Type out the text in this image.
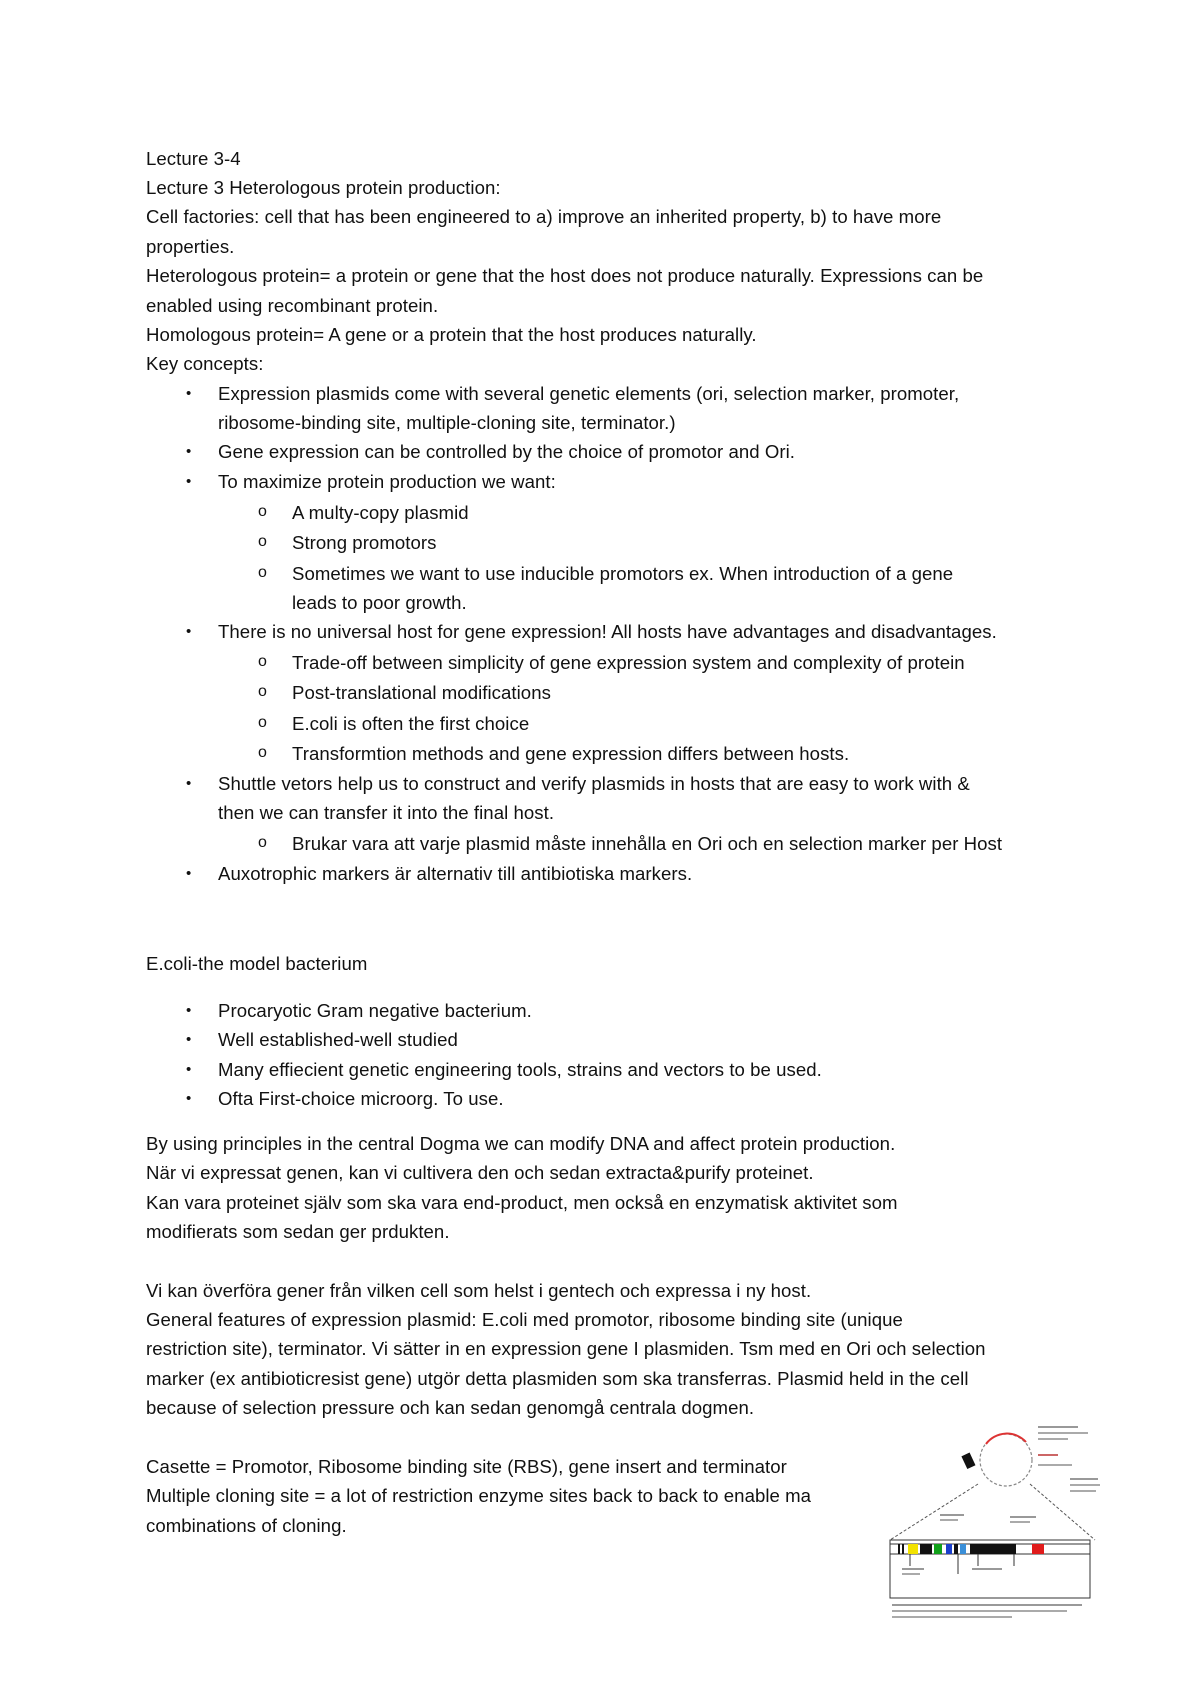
Lecture 3-4
Lecture 3 Heterologous protein production:
Cell factories: cell that has been engineered to a) improve an inherited property, b) to have more
properties.
Heterologous protein= a protein or gene that the host does not produce naturally. Expressions can be
enabled using recombinant protein.
Homologous protein= A gene or a protein that the host produces naturally.
Key concepts:
• Expression plasmids come with several genetic elements (ori, selection marker, promoter,
ribosome-binding site, multiple-cloning site, terminator.)
• Gene expression can be controlled by the choice of promotor and Ori.
• To maximize protein production we want:
o A multy-copy plasmid
o Strong promotors
o Sometimes we want to use inducible promotors ex. When introduction of a gene
leads to poor growth.
• There is no universal host for gene expression! All hosts have advantages and disadvantages.
o Trade-off between simplicity of gene expression system and complexity of protein
o Post-translational modifications
o E.coli is often the first choice
o Transformtion methods and gene expression differs between hosts.
• Shuttle vetors help us to construct and verify plasmids in hosts that are easy to work with &
then we can transfer it into the final host.
o Brukar vara att varje plasmid måste innehålla en Ori och en selection marker per Host
• Auxotrophic markers är alternativ till antibiotiska markers.
E.coli-the model bacterium
• Procaryotic Gram negative bacterium.
• Well established-well studied
• Many effiecient genetic engineering tools, strains and vectors to be used.
• Ofta First-choice microorg. To use.
By using principles in the central Dogma we can modify DNA and affect protein production.
När vi expressat genen, kan vi cultivera den och sedan extracta&purify proteinet.
Kan vara proteinet själv som ska vara end-product, men också en enzymatisk aktivitet som
modifierats som sedan ger prdukten.
Vi kan överföra gener från vilken cell som helst i gentech och expressa i ny host.
General features of expression plasmid: E.coli med promotor, ribosome binding site (unique
restriction site), terminator. Vi sätter in en expression gene I plasmiden. Tsm med en Ori och selection
marker (ex antibioticresist gene) utgör detta plasmiden som ska transferras. Plasmid held in the cell
because of selection pressure och kan sedan genomgå centrala dogmen.
Casette = Promotor, Ribosome binding site (RBS), gene insert and terminator
Multiple cloning site = a lot of restriction enzyme sites back to back to enable ma
combinations of cloning.
